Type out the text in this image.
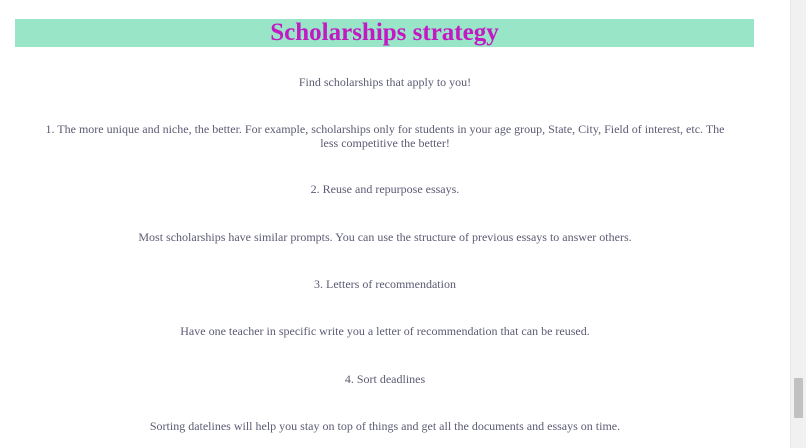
Scholarships strategy

Find scholarships that apply to you!

1. The more unique and niche, the better. For example, scholarships only for students in your age group, State, City, Field of interest, etc. The less competitive the better!

2. Reuse and repurpose essays.

Most scholarships have similar prompts. You can use the structure of previous essays to answer others.

3. Letters of recommendation

Have one teacher in specific write you a letter of recommendation that can be reused.

4. Sort deadlines

Sorting datelines will help you stay on top of things and get all the documents and essays on time.
